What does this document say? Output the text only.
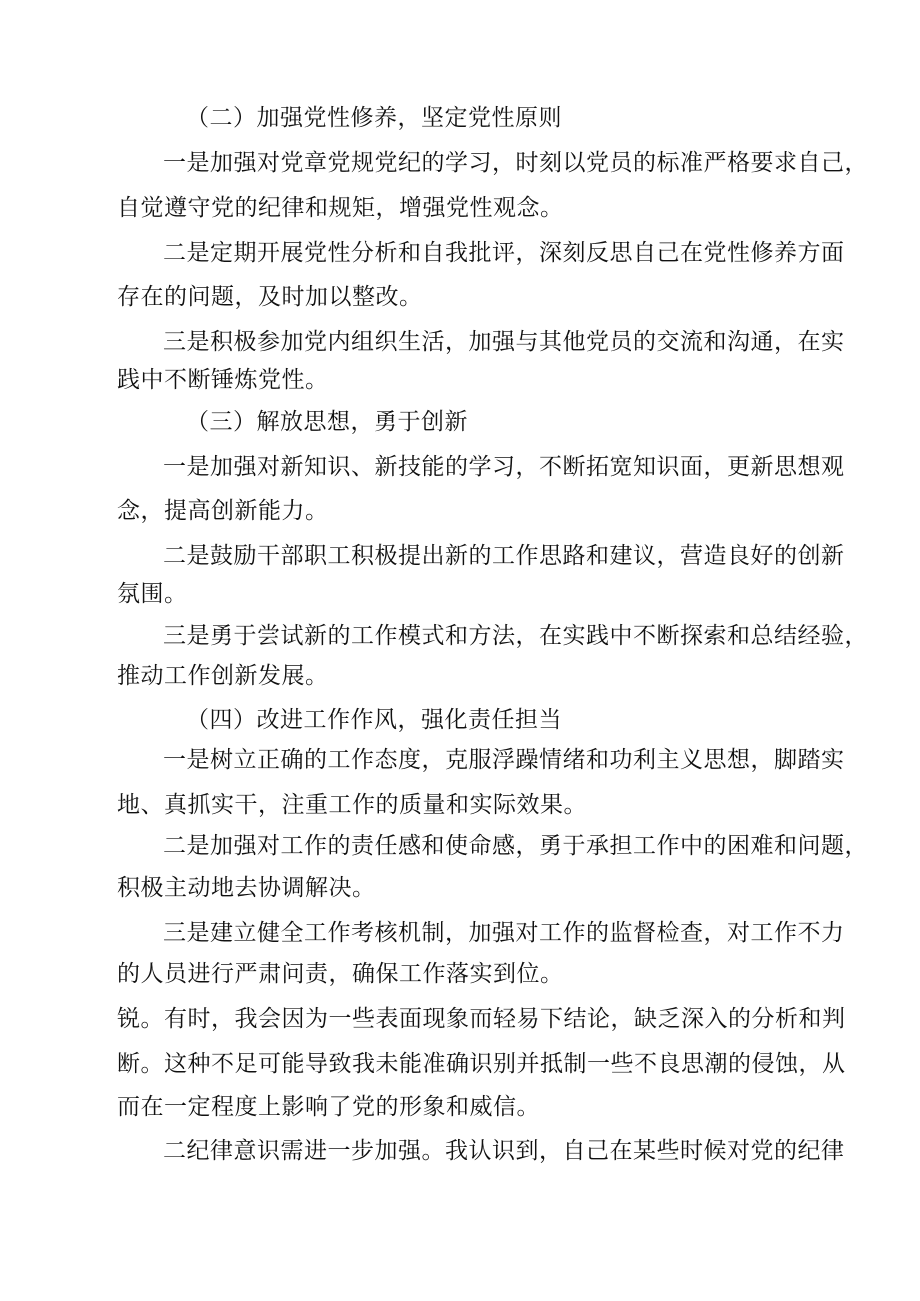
（二）加强党性修养，坚定党性原则
一是加强对党章党规党纪的学习，时刻以党员的标准严格要求自己，
自觉遵守党的纪律和规矩，增强党性观念。
二是定期开展党性分析和自我批评，深刻反思自己在党性修养方面
存在的问题，及时加以整改。
三是积极参加党内组织生活，加强与其他党员的交流和沟通，在实
践中不断锤炼党性。
（三）解放思想，勇于创新
一是加强对新知识、新技能的学习，不断拓宽知识面，更新思想观
念，提高创新能力。
二是鼓励干部职工积极提出新的工作思路和建议，营造良好的创新
氛围。
三是勇于尝试新的工作模式和方法，在实践中不断探索和总结经验，
推动工作创新发展。
（四）改进工作作风，强化责任担当
一是树立正确的工作态度，克服浮躁情绪和功利主义思想，脚踏实
地、真抓实干，注重工作的质量和实际效果。
二是加强对工作的责任感和使命感，勇于承担工作中的困难和问题，
积极主动地去协调解决。
三是建立健全工作考核机制，加强对工作的监督检查，对工作不力
的人员进行严肃问责，确保工作落实到位。
锐。有时，我会因为一些表面现象而轻易下结论，缺乏深入的分析和判
断。这种不足可能导致我未能准确识别并抵制一些不良思潮的侵蚀，从
而在一定程度上影响了党的形象和威信。
二纪律意识需进一步加强。我认识到，自己在某些时候对党的纪律
